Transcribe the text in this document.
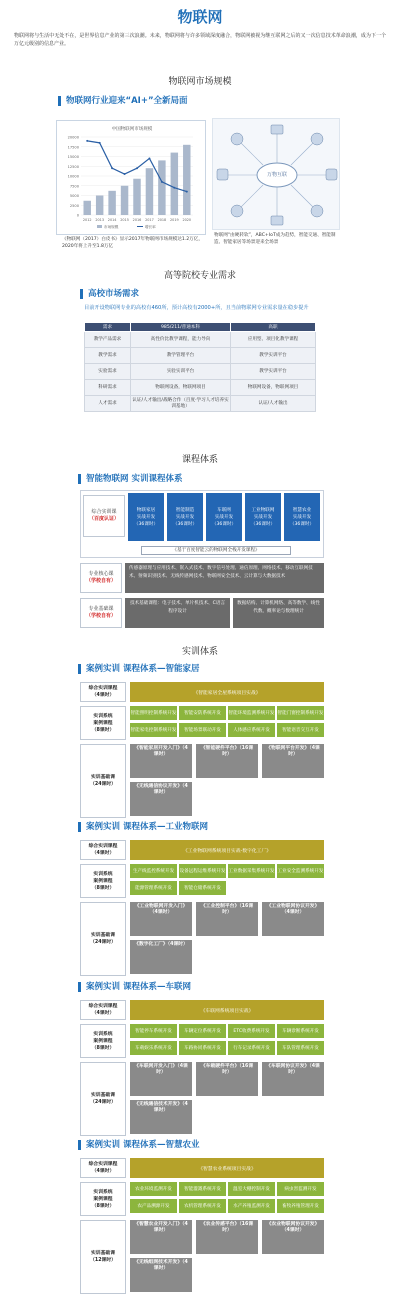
物联网
物联网将与生活中无处不在，是世界信息产业的第三次浪潮。未来，物联网将与许多领域深度融合，物联网被视为继互联网之后的又一次信息技术革命浪潮，成为下一个万亿元级别的信息产业。
物联网市场规模
物联网行业迎来“AI+”全新局面
中国物联网市场规模
0
2500
5000
7500
10000
12500
15000
17500
20000
2012 2013 2014 2015 2016 2017 2018 2019 2020
市场规模	增长率
《物联网（2017）白皮书》显示2017年物联网市场规模达1.2万亿，2020年将上升至1.8万亿
万物互联
物联网“由硬转软”，ABC+IoT成为趋势，智能交通、智能制造、智能家居等场景迎来全场景
高等院校专业需求
高校市场需求
目前开设物联网专业的高校有460所，预计高校有2000+所，且当前物联网专业需求量在稳步提升
需求	985/211/普通本科	高职
教学产品需求	高性价比教学课程，能力导向	应用型、项目化教学课程
教学需求	教学管理平台	教学实训平台
实验需求	实验实训平台	教学实训平台
科研需求	物联网设备，物联网项目	物联网设备，物联网项目
人才需求	认证/人才输出/战略合作（百度·学习人才培养实训基地）	认证/人才输出
课程体系
智能物联网 实训课程体系
综合实训课
（百度认证）
物联家居
实战开发
（36课时）
智能制造
实战开发
（36课时）
车联网
实战开发
（36课时）
工业物联网
实战开发
（36课时）
智慧农业
实战开发
（36课时）
《基于百度智能云的物联网全栈开发课程》
专业核心课
（学校自有）
传感器原理与应用技术、嵌入式技术、数字信号处理、通信原理、网络技术、移动互联网技术、射频识别技术、无线传感网技术、物联网安全技术、云计算与大数据技术
专业基础课
（学校自有）
技术基础课程：电子技术、单片机技术、C语言程序设计
数据结构、计算机网络、高等数学、线性代数、概率论与数理统计
实训体系
案例实训 课程体系—智能家居
综合实训课程
（4课时）	《智能家居全屋系统项目实战》
实训系统
案例课程
（8课时）
智能照明控制系统开发	智能安防系统开发	智能环境监测系统开发 智能门窗控制系统开发
智能家电控制系统开发	智能场景联动开发	人体感应系统开发	智能语音交互开发
实训基础课
（24课时）
《智能家居开发入门》（4课时）
《智能硬件平台》（16课时）
《物联网平台开发》（4课时）
《无线通信协议开发》（4课时）
案例实训 课程体系—工业物联网
综合实训课程
（4课时）	《工业物联网系统项目实战-数字化工厂》
实训系统
案例课程
（8课时）
生产线监控系统开发	设备远程运维系统开发 工业数据采集系统开发 工业安全监测系统开发
能源管理系统开发	智能仓储系统开发
实训基础课
（24课时）
《工业物联网开发入门》（4课时）
《工业控制平台》（16课时）
《工业物联网协议开发》（4课时）
《数字化工厂》（4课时）
案例实训 课程体系—车联网
综合实训课程
（4课时）	《车联网系统项目实战》
实训系统
案例课程
（8课时）
智能停车系统开发	车辆定位系统开发	ETC收费系统开发	车辆诊断系统开发
车载娱乐系统开发	车路协同系统开发	行车记录系统开发	车队管理系统开发
实训基础课
（24课时）
《车联网开发入门》（4课时）
《车载硬件平台》（16课时）
《车联网协议开发》（4课时）
《无线通信技术开发》（4课时）
案例实训 课程体系—智慧农业
综合实训课程
（4课时）	《智慧农业系统项目实战》
实训系统
案例课程
（8课时）
农业环境监测开发	智能灌溉系统开发	温室大棚控制开发	病虫害监测开发
农产品溯源开发	农机管理系统开发	水产养殖监测开发	畜牧养殖管理开发
实训基础课
（12课时）
《智慧农业开发入门》（4课时）
《农业传感平台》（16课时）
《农业物联网协议开发》（4课时）
《无线组网技术开发》（4课时）
